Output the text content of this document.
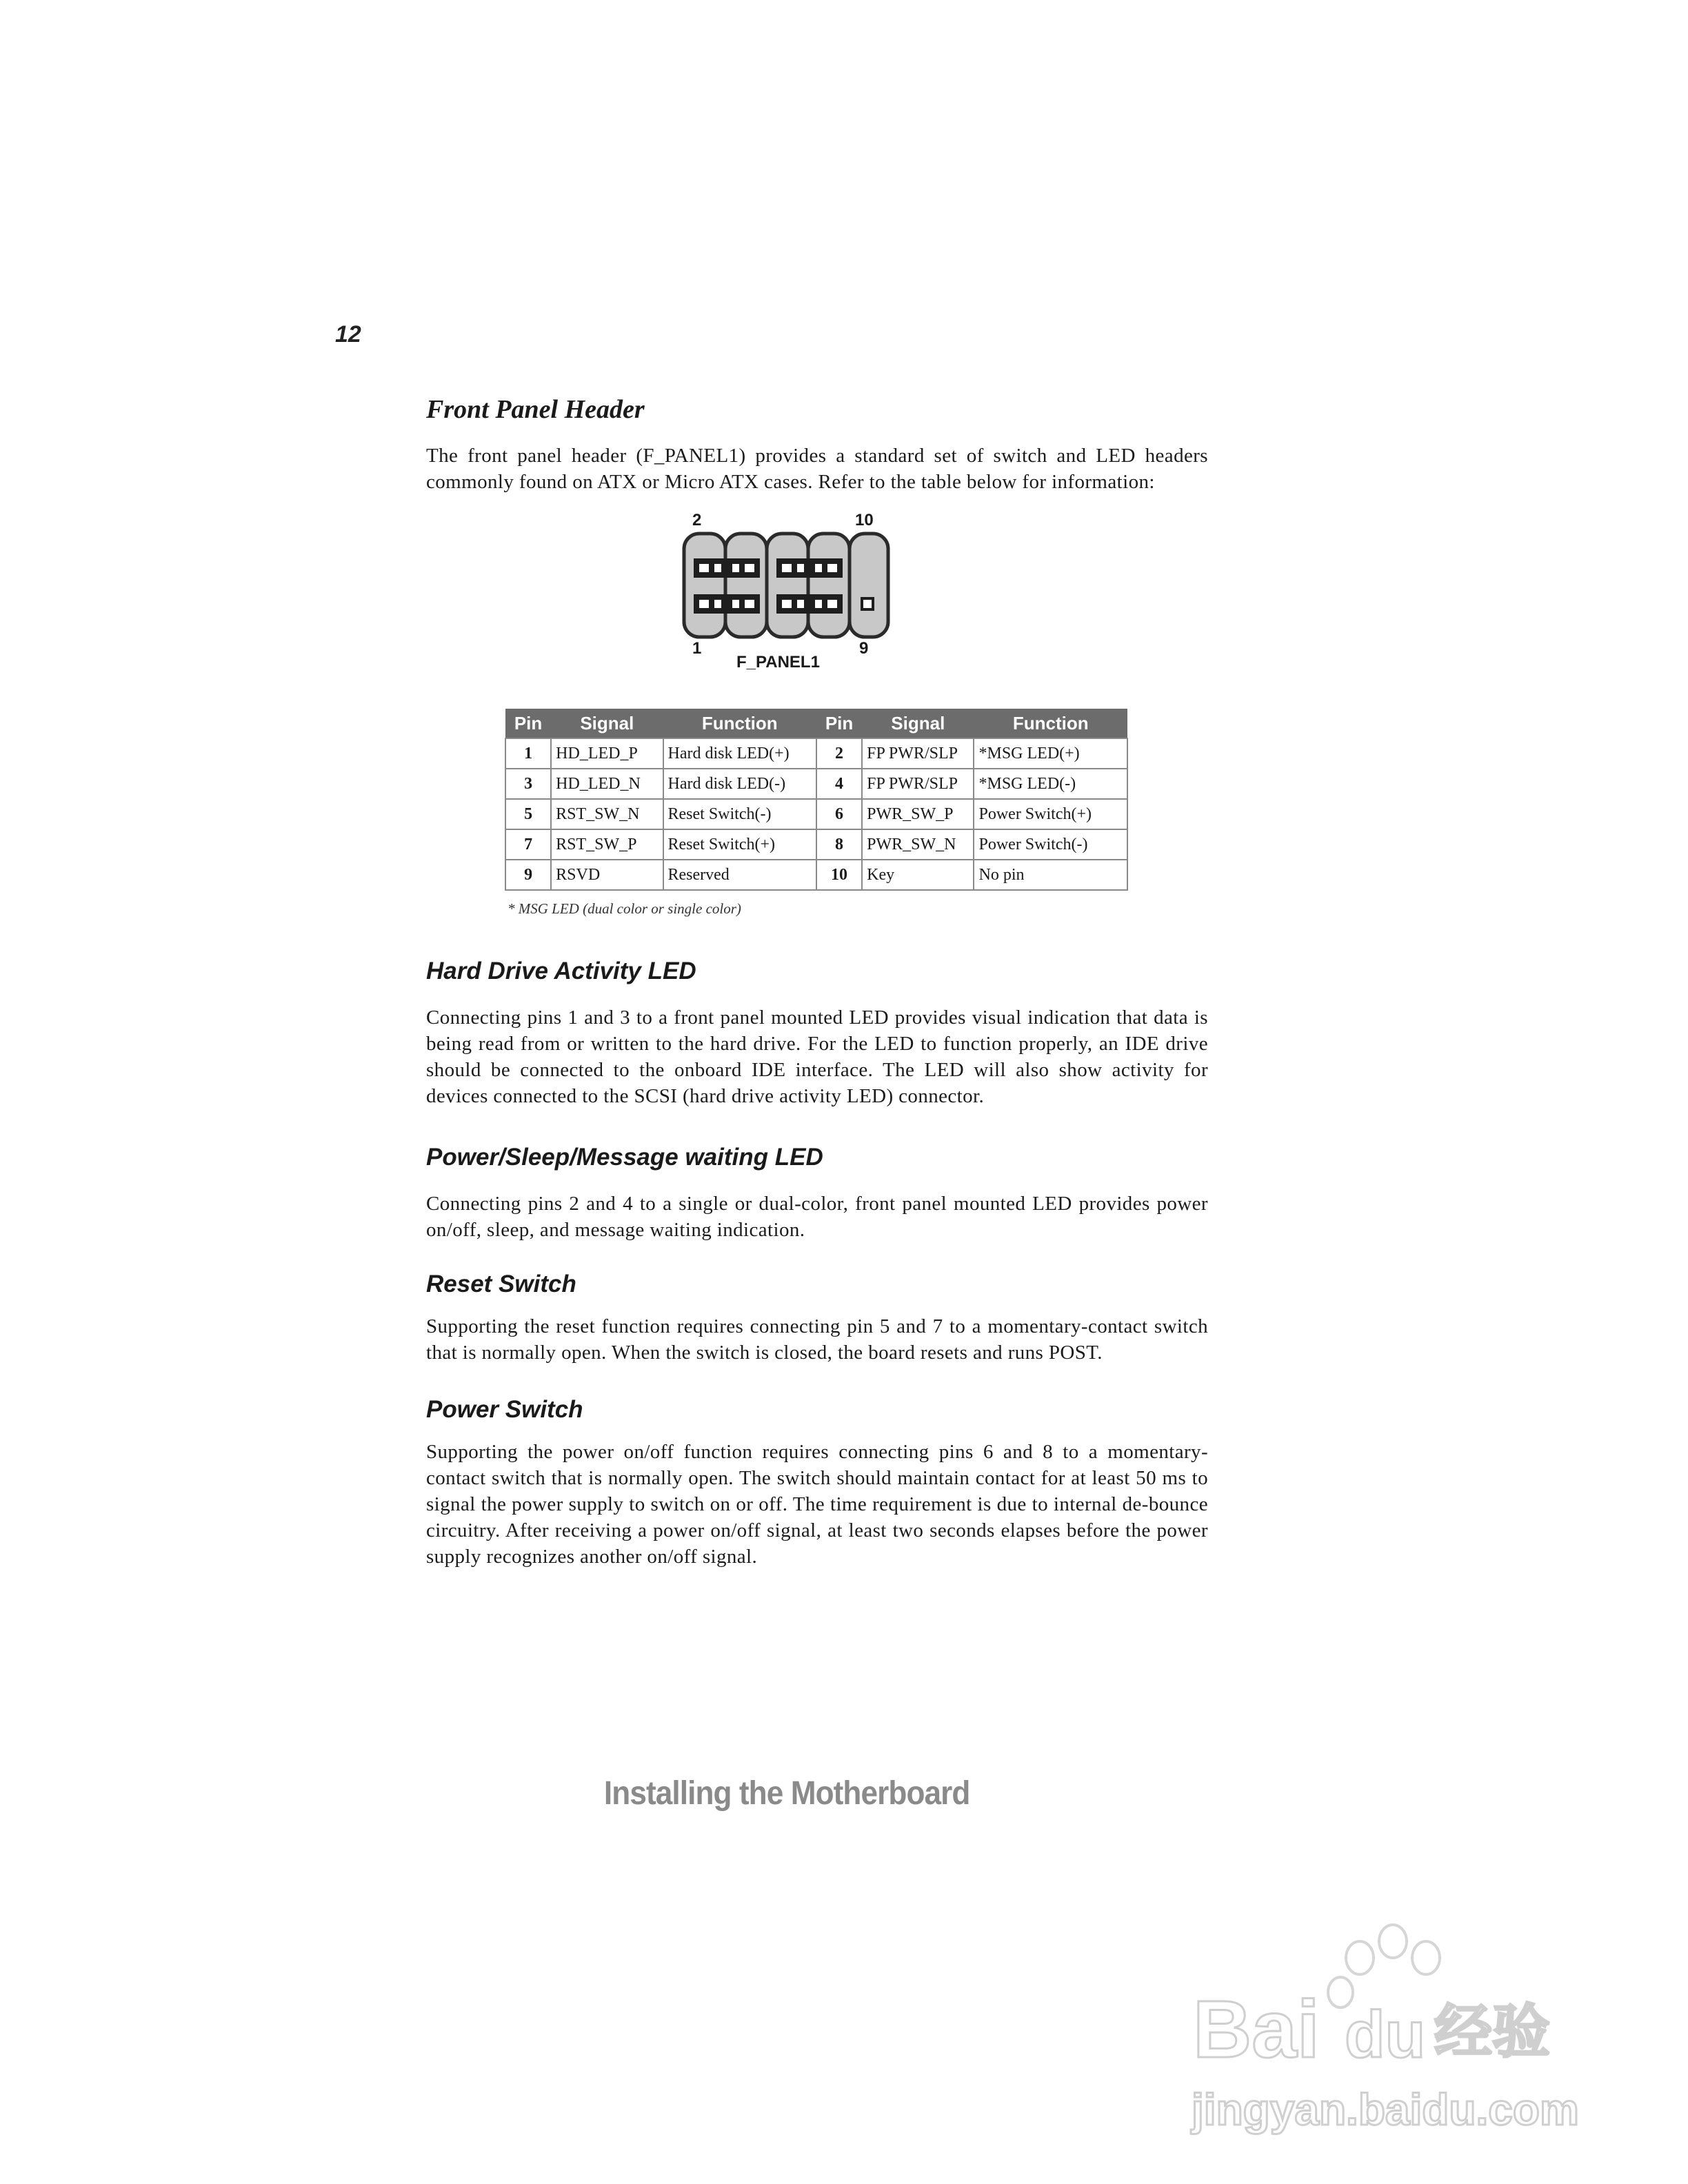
12
Front Panel Header

The front panel header (F_PANEL1) provides a standard set of switch and LED headers commonly found on ATX or Micro ATX cases. Refer to the table below for information:

2	10
1	9
F_PANEL1
Pin	Signal	Function	Pin	Signal	Function
1	HD_LED_P	Hard disk LED(+)	2	FP PWR/SLP	*MSG LED(+)
3	HD_LED_N	Hard disk LED(-)	4	FP PWR/SLP	*MSG LED(-)
5	RST_SW_N	Reset Switch(-)	6	PWR_SW_P	Power Switch(+)
7	RST_SW_P	Reset Switch(+)	8	PWR_SW_N	Power Switch(-)
9	RSVD	Reserved	10	Key	No pin
* MSG LED (dual color or single color)
Hard Drive Activity LED

Connecting pins 1 and 3 to a front panel mounted LED provides visual indication that data is being read from or written to the hard drive. For the LED to function properly, an IDE drive should be connected to the onboard IDE interface. The LED will also show activity for devices connected to the SCSI (hard drive activity LED) connector.

Power/Sleep/Message waiting LED

Connecting pins 2 and 4 to a single or dual-color, front panel mounted LED provides power on/off, sleep, and message waiting indication.

Reset Switch

Supporting the reset function requires connecting pin 5 and 7 to a momentary-contact switch that is normally open. When the switch is closed, the board resets and runs POST.

Power Switch

Supporting the power on/off function requires connecting pins 6 and 8 to a momentary-contact switch that is normally open. The switch should maintain contact for at least 50 ms to signal the power supply to switch on or off. The time requirement is due to internal de-bounce circuitry. After receiving a power on/off signal, at least two seconds elapses before the power supply recognizes another on/off signal.

Installing the Motherboard
Bai du 经验
jingyan.baidu.com
